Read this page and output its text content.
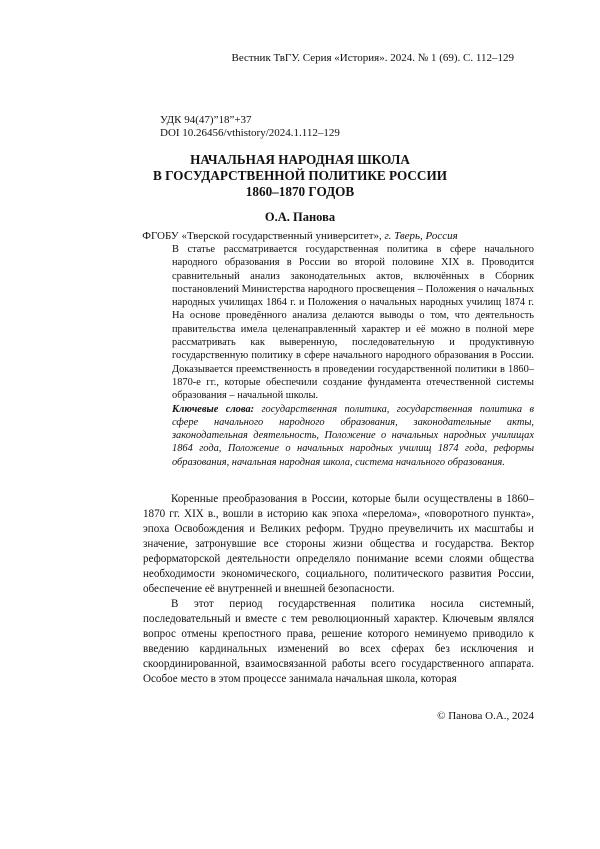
Вестник ТвГУ. Серия «История». 2024. № 1 (69). С. 112–129
УДК 94(47)”18”+37
DOI 10.26456/vthistory/2024.1.112–129
НАЧАЛЬНАЯ НАРОДНАЯ ШКОЛА
В ГОСУДАРСТВЕННОЙ ПОЛИТИКЕ РОССИИ
1860–1870 ГОДОВ
О.А. Панова
ФГОБУ «Тверской государственный университет», г. Тверь, Россия

В статье рассматривается государственная политика в сфере начального народного образования в России во второй половине XIX в. Проводится сравнительный анализ законодательных актов, включённых в Сборник постановлений Министерства народного просвещения – Положения о начальных народных училищах 1864 г. и Положения о начальных народных училищ 1874 г. На основе проведённого анализа делаются выводы о том, что деятельность правительства имела целенаправленный характер и её можно в полной мере рассматривать как выверенную, последовательную и продуктивную государственную политику в сфере начального народного образования в России. Доказывается преемственность в проведении государственной политики в 1860–1870-е гг., которые обеспечили создание фундамента отечественной системы образования – начальной школы.

Ключевые слова: государственная политика, государственная политика в сфере начального народного образования, законодательные акты, законодательная деятельность, Положение о начальных народных училищах 1864 года, Положение о начальных народных училищ 1874 года, реформы образования, начальная народная школа, система начального образования.

Коренные преобразования в России, которые были осуществлены в 1860–1870 гг. XIX в., вошли в историю как эпоха «перелома», «поворотного пункта», эпоха Освобождения и Великих реформ. Трудно преувеличить их масштабы и значение, затронувшие все стороны жизни общества и государства. Вектор реформаторской деятельности определяло понимание всеми слоями общества необходимости экономического, социального, политического развития России, обеспечение её внутренней и внешней безопасности.

В этот период государственная политика носила системный, последовательный и вместе с тем революционный характер. Ключевым являлся вопрос отмены крепостного права, решение которого неминуемо приводило к введению кардинальных изменений во всех сферах без исключения и скоординированной, взаимосвязанной работы всего государственного аппарата. Особое место в этом процессе занимала начальная школа, которая

© Панова О.А., 2024
